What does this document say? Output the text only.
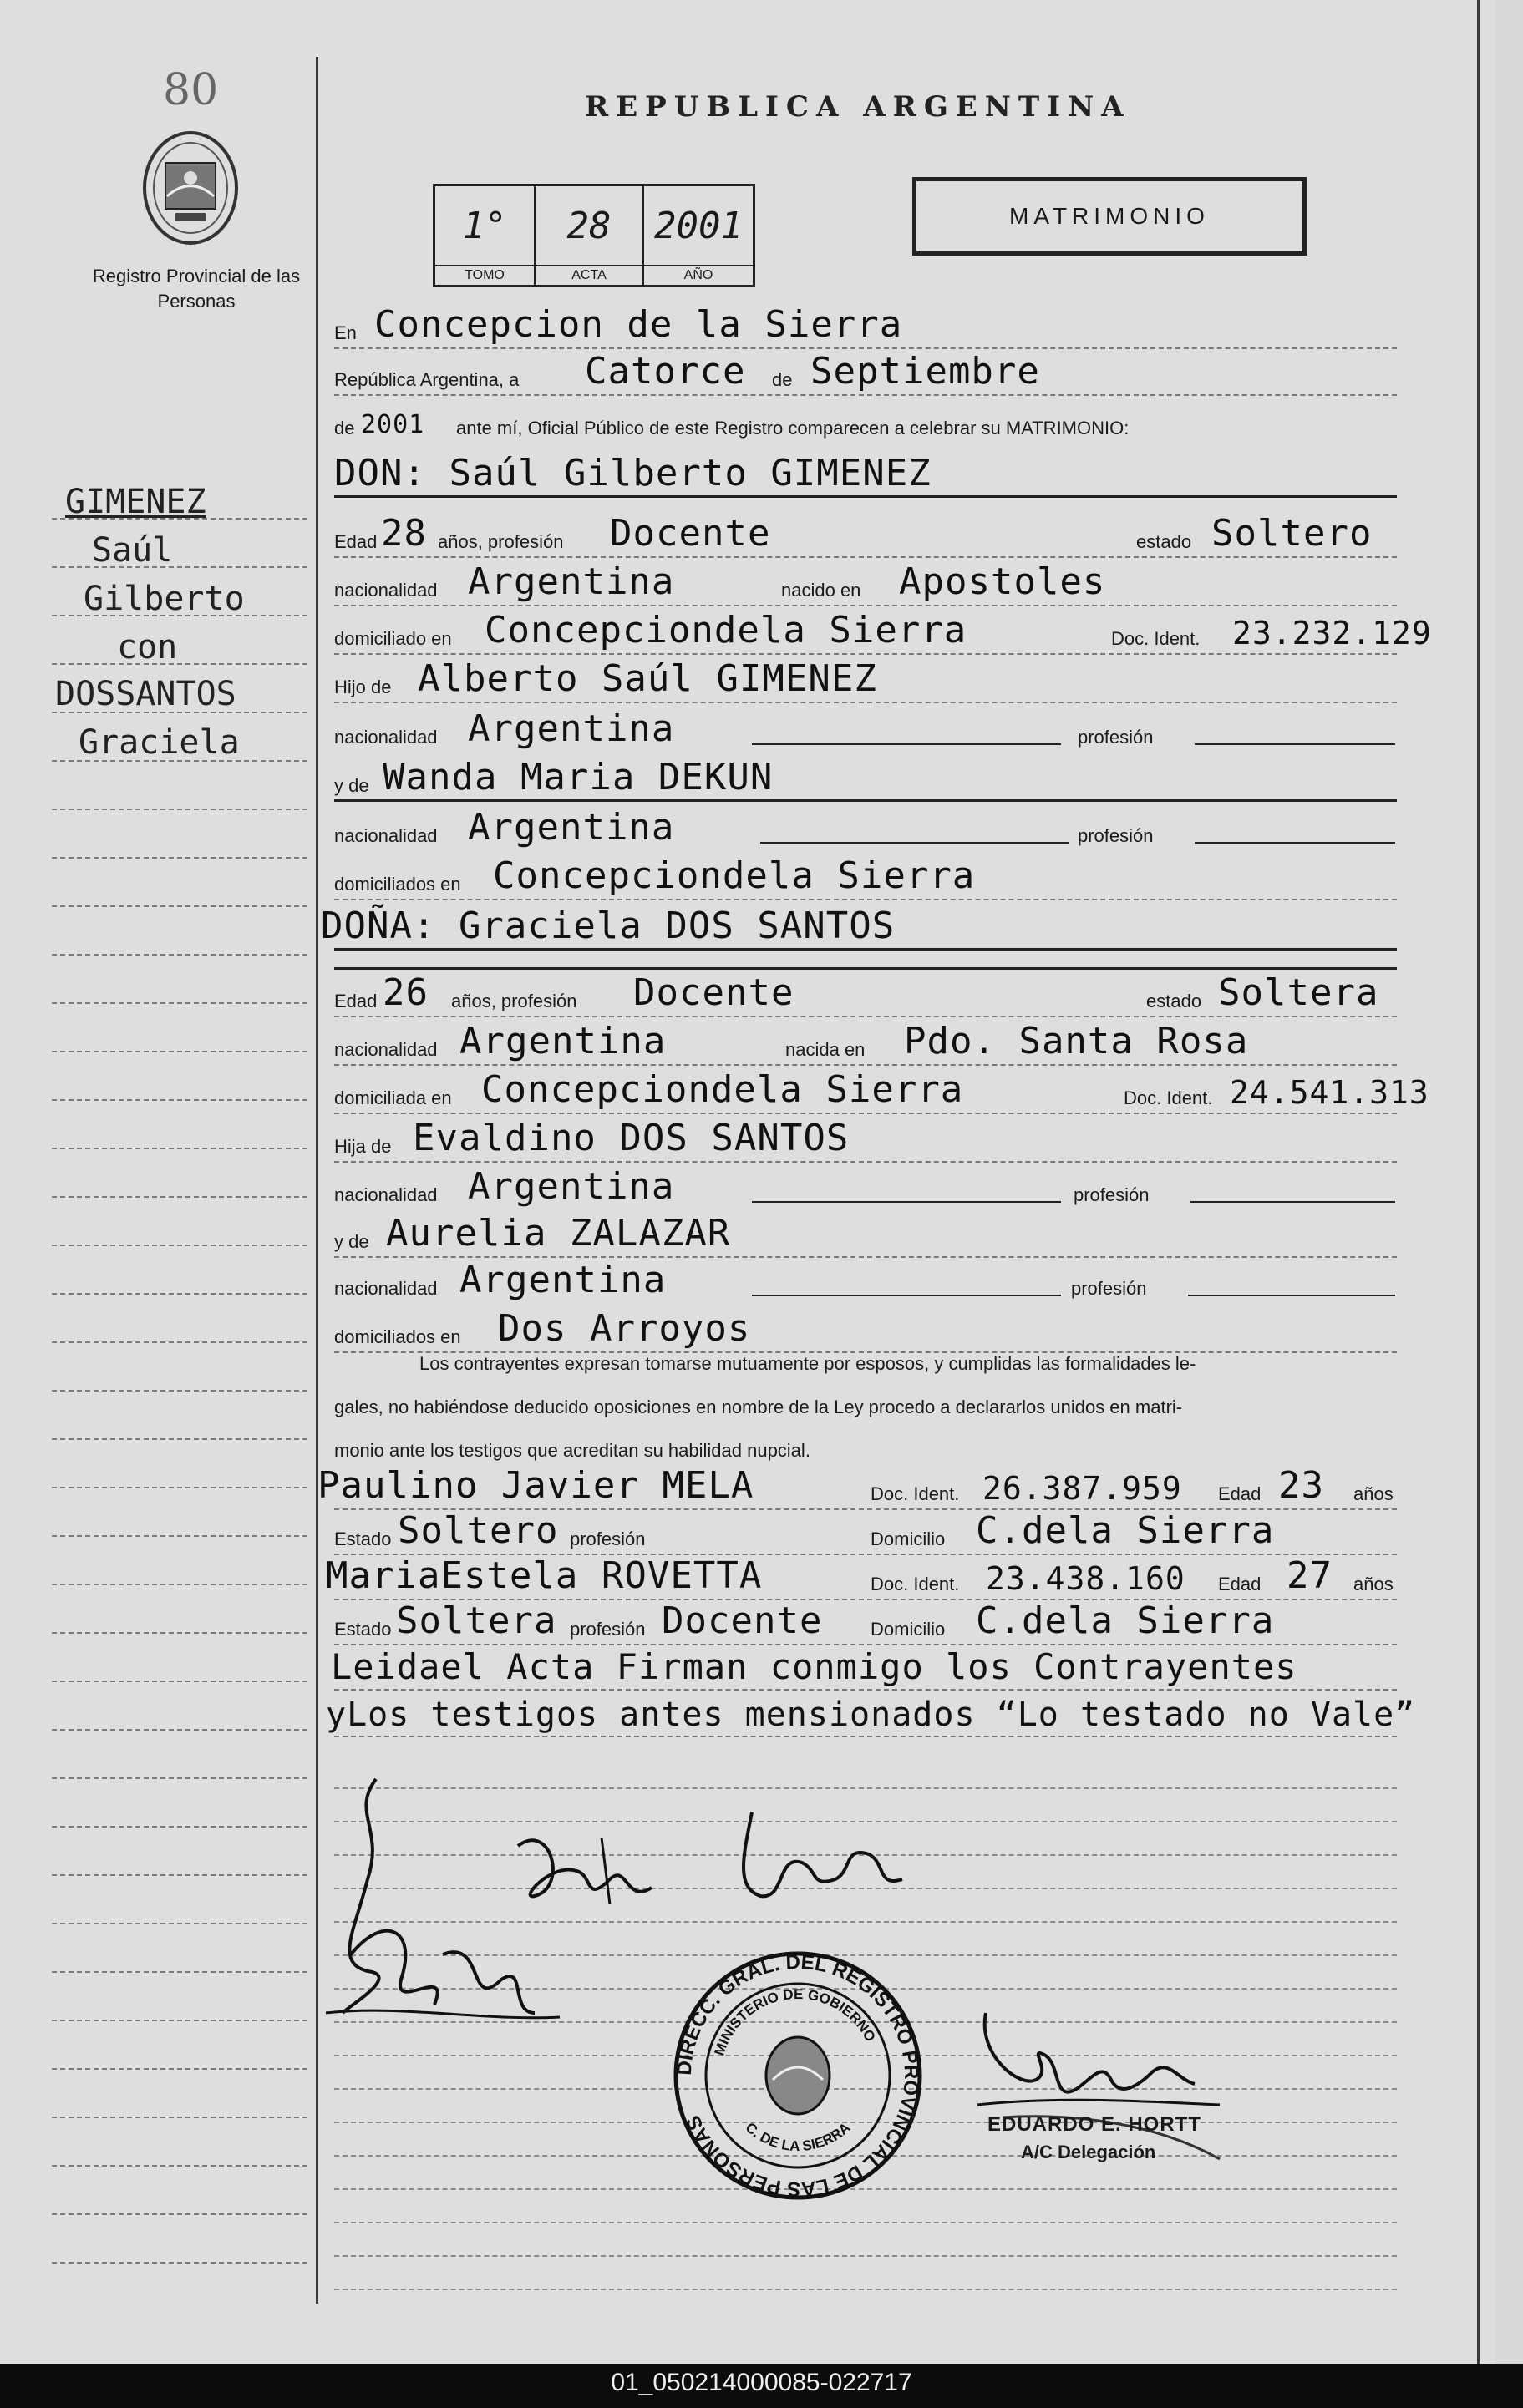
80
Registro Provincial de las Personas
GIMENEZ
Saúl
Gilberto
con
DOSSANTOS
Graciela
REPUBLICA ARGENTINA
1°
TOMO
28
ACTA
2001
AÑO
MATRIMONIO
En Concepcion de la Sierra
República Argentina, a Catorce de Septiembre
de 2001 ante mí, Oficial Público de este Registro comparecen a celebrar su MATRIMONIO:
DON: Saúl Gilberto GIMENEZ
Edad 28 años, profesión Docente	estado Soltero
nacionalidad Argentina	nacido en Apostoles
domiciliado en Concepciondela Sierra	Doc. Ident. 23.232.129
Hijo de Alberto Saúl GIMENEZ
nacionalidad Argentina	profesión
y de Wanda Maria DEKUN
nacionalidad Argentina	profesión
domiciliados en Concepciondela Sierra
DOÑA: Graciela DOS SANTOS
Edad 26 años, profesión Docente	estado Soltera
nacionalidad Argentina	nacida en Pdo. Santa Rosa
domiciliada en Concepciondela Sierra	Doc. Ident. 24.541.313
Hija de Evaldino DOS SANTOS
nacionalidad Argentina	profesión
y de Aurelia ZALAZAR
nacionalidad Argentina	profesión
domiciliados en Dos Arroyos
Los contrayentes expresan tomarse mutuamente por esposos, y cumplidas las formalidades le-
gales, no habiéndose deducido oposiciones en nombre de la Ley procedo a declararlos unidos en matri-
monio ante los testigos que acreditan su habilidad nupcial.
Paulino Javier MELA	Doc. Ident. 26.387.959 Edad 23 años
Estado Soltero profesión	Domicilio C.dela Sierra
MariaEstela ROVETTA	Doc. Ident. 23.438.160 Edad 27 años
Estado Soltera profesión Docente	Domicilio C.dela Sierra
Leidael Acta Firman conmigo los Contrayentes
yLos testigos antes mensionados “Lo testado no Vale”
DIRECC. GRAL. DEL REGISTRO PROVINCIAL DE LAS PERSONAS
MINISTERIO DE GOBIERNO
C. DE LA SIERRA	EDUARDO E. HORTT
A/C Delegación
01_050214000085-022717
